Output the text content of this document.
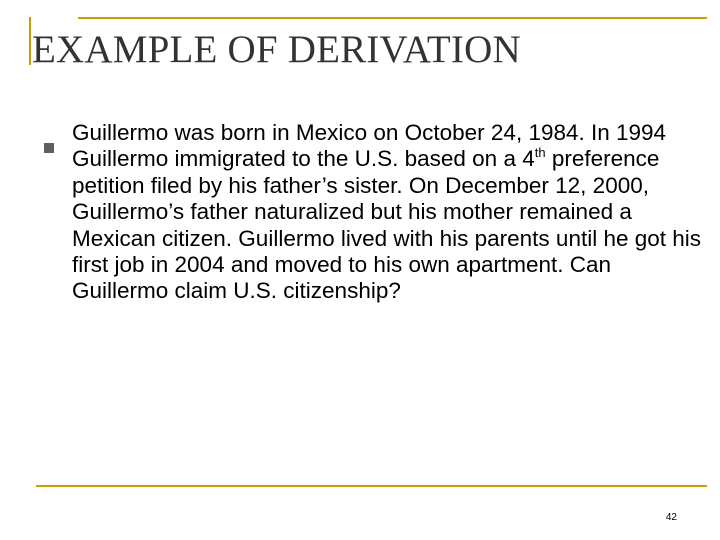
EXAMPLE OF DERIVATION

Guillermo was born in Mexico on October 24, 1984. In 1994 Guillermo immigrated to the U.S. based on a 4th preference petition filed by his father’s sister. On December 12, 2000, Guillermo’s father naturalized but his mother remained a Mexican citizen. Guillermo lived with his parents until he got his first job in 2004 and moved to his own apartment. Can Guillermo claim U.S. citizenship?

42
